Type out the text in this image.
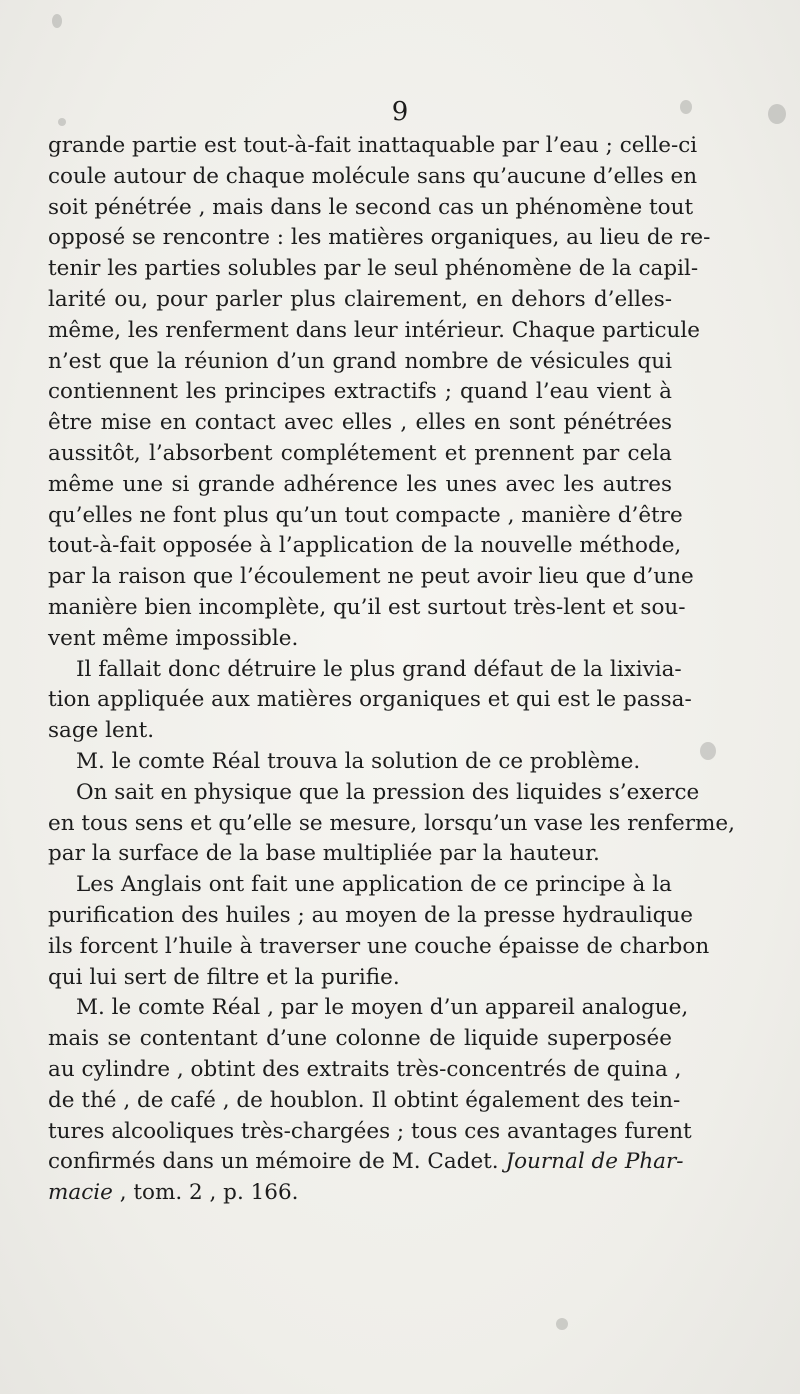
9
grande partie est tout-à-fait inattaquable par l’eau ; celle-ci
coule autour de chaque molécule sans qu’aucune d’elles en
soit pénétrée , mais dans le second cas un phénomène tout
opposé se rencontre : les matières organiques, au lieu de re-
tenir les parties solubles par le seul phénomène de la capil-
larité ou, pour parler plus clairement, en dehors d’elles-
même, les renferment dans leur intérieur. Chaque particule
n’est que la réunion d’un grand nombre de vésicules qui
contiennent les principes extractifs ; quand l’eau vient à
être mise en contact avec elles , elles en sont pénétrées
aussitôt, l’absorbent complétement et prennent par cela
même une si grande adhérence les unes avec les autres
qu’elles ne font plus qu’un tout compacte , manière d’être
tout-à-fait opposée à l’application de la nouvelle méthode,
par la raison que l’écoulement ne peut avoir lieu que d’une
manière bien incomplète, qu’il est surtout très-lent et sou-
vent même impossible.
Il fallait donc détruire le plus grand défaut de la lixivia-
tion appliquée aux matières organiques et qui est le passa-
sage lent.
M. le comte Réal trouva la solution de ce problème.
On sait en physique que la pression des liquides s’exerce
en tous sens et qu’elle se mesure, lorsqu’un vase les renferme,
par la surface de la base multipliée par la hauteur.
Les Anglais ont fait une application de ce principe à la
purification des huiles ; au moyen de la presse hydraulique
ils forcent l’huile à traverser une couche épaisse de charbon
qui lui sert de filtre et la purifie.
M. le comte Réal , par le moyen d’un appareil analogue,
mais se contentant d’une colonne de liquide superposée
au cylindre , obtint des extraits très-concentrés de quina ,
de thé , de café , de houblon. Il obtint également des tein-
tures alcooliques très-chargées ; tous ces avantages furent
confirmés dans un mémoire de M. Cadet. Journal de Phar-
macie , tom. 2 , p. 166.
